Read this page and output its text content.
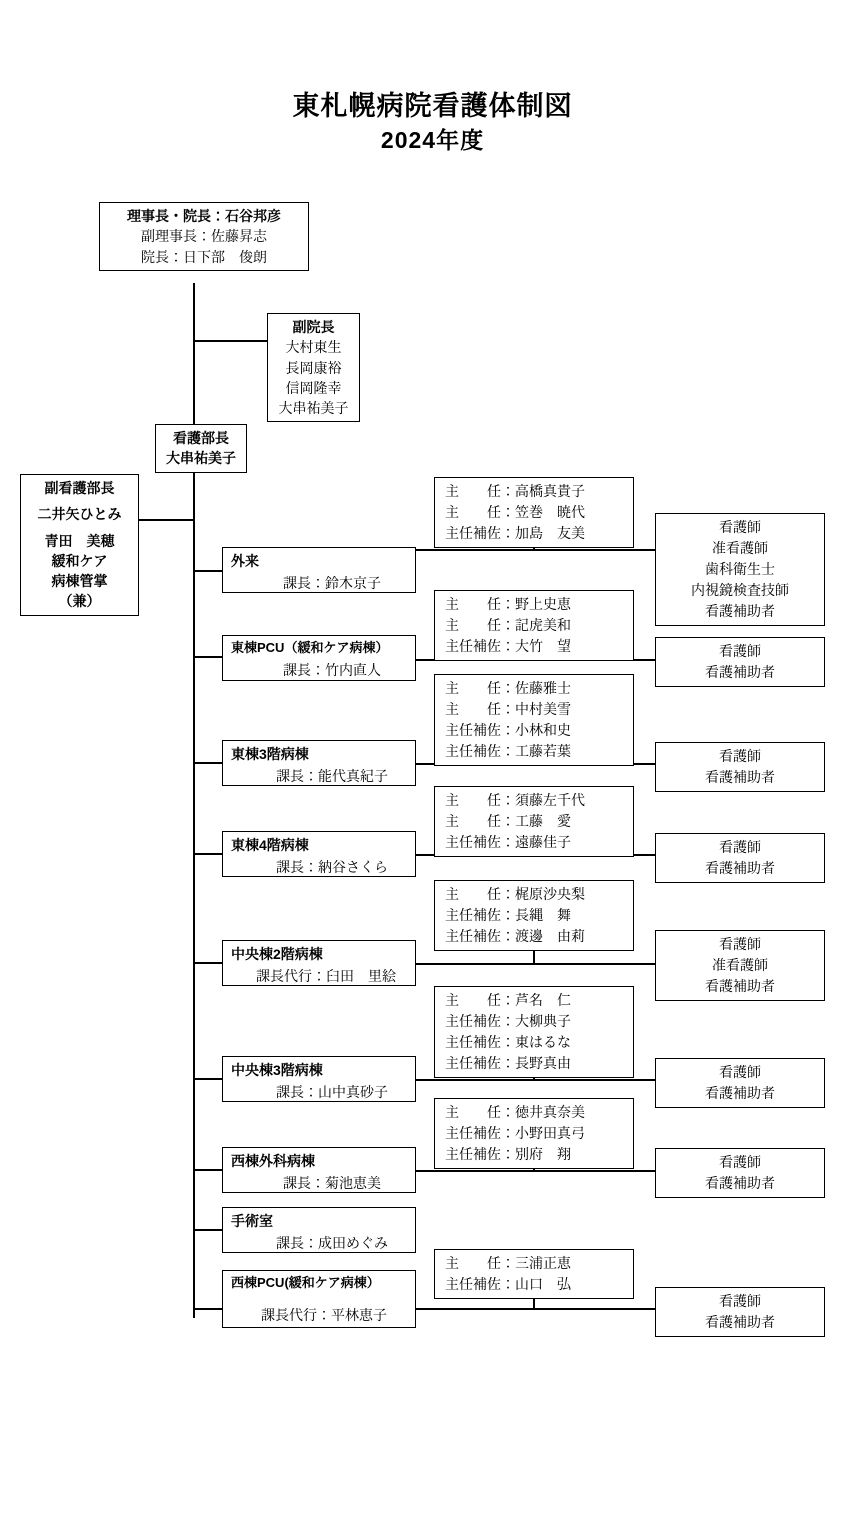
東札幌病院看護体制図
2024年度
理事長・院長：石谷邦彦
副理事長：佐藤昇志
院長：日下部　俊朗
副院長
大村東生
長岡康裕
信岡隆幸
大串祐美子
看護部長
大串祐美子
副看護部長
二井矢ひとみ
青田　美穂
緩和ケア
病棟管掌
（兼）
外来
課長：鈴木京子
東棟PCU（緩和ケア病棟）
課長：竹内直人
東棟3階病棟
課長：能代真紀子
東棟4階病棟
課長：納谷さくら
中央棟2階病棟
課長代行：臼田　里絵
中央棟3階病棟
課長：山中真砂子
西棟外科病棟
課長：菊池恵美
手術室
課長：成田めぐみ
西棟PCU(緩和ケア病棟）
課長代行：平林恵子
主　　任：高橋真貴子
主　　任：笠巻　暁代
主任補佐：加島　友美
主　　任：野上史恵
主　　任：記虎美和
主任補佐：大竹　望
主　　任：佐藤雅士
主　　任：中村美雪
主任補佐：小林和史
主任補佐：工藤若葉
主　　任：須藤左千代
主　　任：工藤　愛
主任補佐：遠藤佳子
主　　任：梶原沙央梨
主任補佐：長縄　舞
主任補佐：渡邊　由莉
主　　任：芦名　仁
主任補佐：大柳典子
主任補佐：東はるな
主任補佐：長野真由
主　　任：徳井真奈美
主任補佐：小野田真弓
主任補佐：別府　翔
主　　任：三浦正恵
主任補佐：山口　弘
看護師
准看護師
歯科衛生士
内視鏡検査技師
看護補助者
看護師
看護補助者
看護師
看護補助者
看護師
看護補助者
看護師
准看護師
看護補助者
看護師
看護補助者
看護師
看護補助者
看護師
看護補助者
